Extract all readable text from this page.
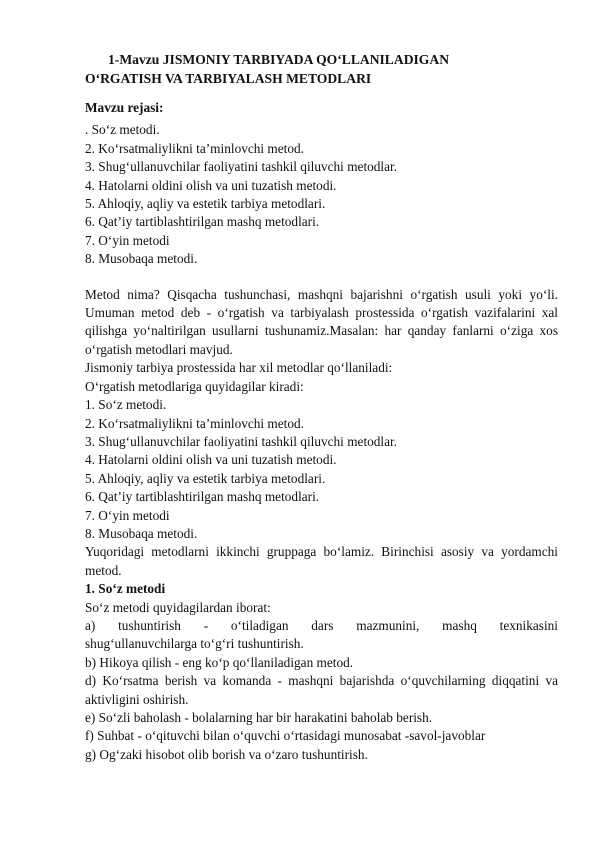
1-Mavzu JISMONIY TARBIYADA QO‘LLANILADIGAN
O‘RGATISH VA TARBIYALASH METODLARI

Mavzu rejasi:

. So‘z metodi.
2. Ko‘rsatmaliylikni ta’minlovchi metod.
3. Shug‘ullanuvchilar faoliyatini tashkil qiluvchi metodlar.
4. Hatolarni oldini olish va uni tuzatish metodi.
5. Ahloqiy, aqliy va estetik tarbiya metodlari.
6. Qat’iy tartiblashtirilgan mashq metodlari.
7. O‘yin metodi
8. Musobaqa metodi.

Metod nima? Qisqacha tushunchasi, mashqni bajarishni o‘rgatish usuli yoki yo‘li. Umuman metod deb - o‘rgatish va tarbiyalash prostessida o‘rgatish vazifalarini xal qilishga yo‘naltirilgan usullarni tushunamiz.Masalan: har qanday fanlarni o‘ziga xos o‘rgatish metodlari mavjud.

Jismoniy tarbiya prostessida har xil metodlar qo‘llaniladi:

O‘rgatish metodlariga quyidagilar kiradi:

1. So‘z metodi.
2. Ko‘rsatmaliylikni ta’minlovchi metod.
3. Shug‘ullanuvchilar faoliyatini tashkil qiluvchi metodlar.
4. Hatolarni oldini olish va uni tuzatish metodi.
5. Ahloqiy, aqliy va estetik tarbiya metodlari.
6. Qat’iy tartiblashtirilgan mashq metodlari.
7. O‘yin metodi
8. Musobaqa metodi.

Yuqoridagi metodlarni ikkinchi gruppaga bo‘lamiz. Birinchisi asosiy va yordamchi metod.

1. So‘z metodi

So‘z metodi quyidagilardan iborat:

a)      tushuntirish      -      o‘tiladigan      dars      mazmunini,      mashq      texnikasini

shug‘ullanuvchilarga to‘g‘ri tushuntirish.

b) Hikoya qilish - eng ko‘p qo‘llaniladigan metod.

d) Ko‘rsatma berish va komanda - mashqni bajarishda o‘quvchilarning diqqatini va aktivligini oshirish.

e) So‘zli baholash - bolalarning har bir harakatini baholab berish.

f) Suhbat - o‘qituvchi bilan o‘quvchi o‘rtasidagi munosabat -savol-javoblar

g) Og‘zaki hisobot olib borish va o‘zaro tushuntirish.
